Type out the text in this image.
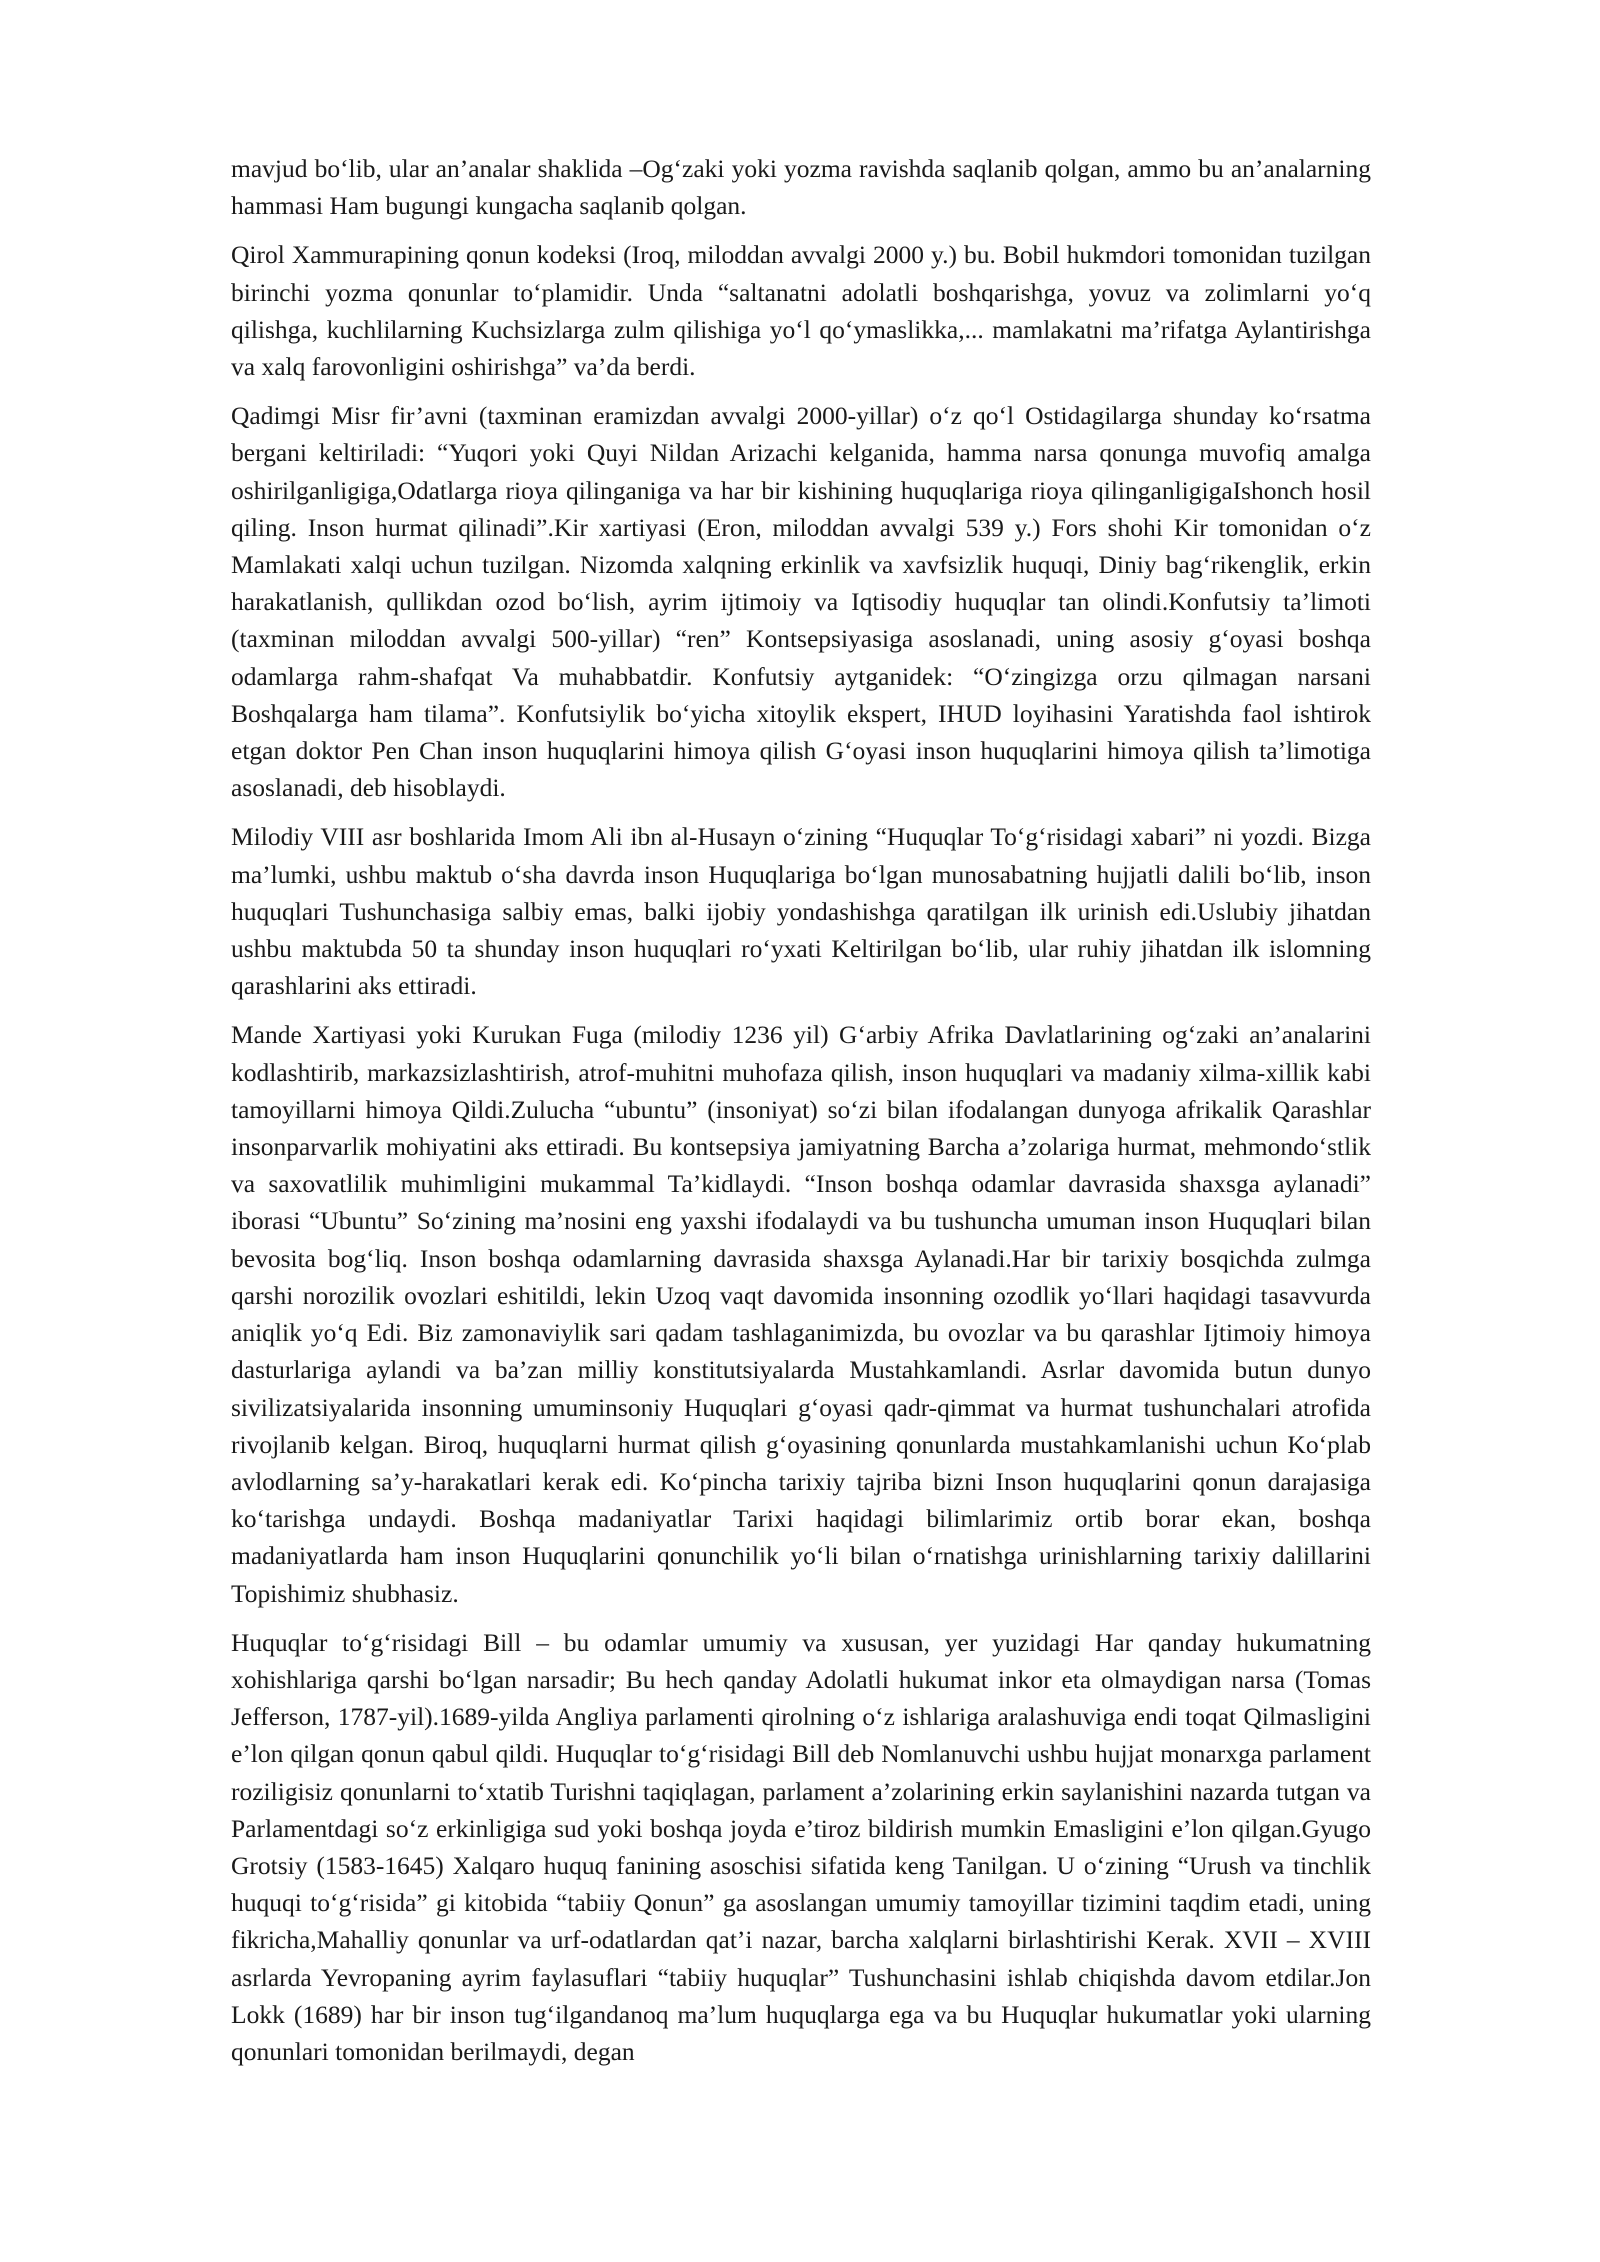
mavjud bo‘lib, ular an’analar shaklida –Og‘zaki yoki yozma ravishda saqlanib qolgan, ammo bu an’analarning hammasi Ham bugungi kungacha saqlanib qolgan.

Qirol Xammurapining qonun kodeksi (Iroq, miloddan avvalgi 2000 y.) bu. Bobil hukmdori tomonidan tuzilgan birinchi yozma qonunlar to‘plamidir. Unda “saltanatni adolatli boshqarishga, yovuz va zolimlarni yo‘q qilishga, kuchlilarning Kuchsizlarga zulm qilishiga yo‘l qo‘ymaslikka,... mamlakatni ma’rifatga Aylantirishga va xalq farovonligini oshirishga” va’da berdi.

Qadimgi Misr fir’avni (taxminan eramizdan avvalgi 2000-yillar) o‘z qo‘l Ostidagilarga shunday ko‘rsatma bergani keltiriladi: “Yuqori yoki Quyi Nildan Arizachi kelganida, hamma narsa qonunga muvofiq amalga oshirilganligiga,Odatlarga rioya qilinganiga va har bir kishining huquqlariga rioya qilinganligigaIshonch hosil qiling. Inson hurmat qilinadi”.Kir xartiyasi (Eron, miloddan avvalgi 539 y.) Fors shohi Kir tomonidan o‘z Mamlakati xalqi uchun tuzilgan. Nizomda xalqning erkinlik va xavfsizlik huquqi, Diniy bag‘rikenglik, erkin harakatlanish, qullikdan ozod bo‘lish, ayrim ijtimoiy va Iqtisodiy huquqlar tan olindi.Konfutsiy ta’limoti (taxminan miloddan avvalgi 500-yillar) “ren” Kontsepsiyasiga asoslanadi, uning asosiy g‘oyasi boshqa odamlarga rahm-shafqat Va muhabbatdir. Konfutsiy aytganidek: “O‘zingizga orzu qilmagan narsani Boshqalarga ham tilama”. Konfutsiylik bo‘yicha xitoylik ekspert, IHUD loyihasini Yaratishda faol ishtirok etgan doktor Pen Chan inson huquqlarini himoya qilish G‘oyasi inson huquqlarini himoya qilish ta’limotiga asoslanadi, deb hisoblaydi.

Milodiy VIII asr boshlarida Imom Ali ibn al-Husayn o‘zining “Huquqlar To‘g‘risidagi xabari” ni yozdi. Bizga ma’lumki, ushbu maktub o‘sha davrda inson Huquqlariga bo‘lgan munosabatning hujjatli dalili bo‘lib, inson huquqlari Tushunchasiga salbiy emas, balki ijobiy yondashishga qaratilgan ilk urinish edi.Uslubiy jihatdan ushbu maktubda 50 ta shunday inson huquqlari ro‘yxati Keltirilgan bo‘lib, ular ruhiy jihatdan ilk islomning qarashlarini aks ettiradi.

Mande Xartiyasi yoki Kurukan Fuga (milodiy 1236 yil) G‘arbiy Afrika Davlatlarining og‘zaki an’analarini kodlashtirib, markazsizlashtirish, atrof-muhitni muhofaza qilish, inson huquqlari va madaniy xilma-xillik kabi tamoyillarni himoya Qildi.Zulucha “ubuntu” (insoniyat) so‘zi bilan ifodalangan dunyoga afrikalik Qarashlar insonparvarlik mohiyatini aks ettiradi. Bu kontsepsiya jamiyatning Barcha a’zolariga hurmat, mehmondo‘stlik va saxovatlilik muhimligini mukammal Ta’kidlaydi. “Inson boshqa odamlar davrasida shaxsga aylanadi” iborasi “Ubuntu” So‘zining ma’nosini eng yaxshi ifodalaydi va bu tushuncha umuman inson Huquqlari bilan bevosita bog‘liq. Inson boshqa odamlarning davrasida shaxsga Aylanadi.Har bir tarixiy bosqichda zulmga qarshi norozilik ovozlari eshitildi, lekin Uzoq vaqt davomida insonning ozodlik yo‘llari haqidagi tasavvurda aniqlik yo‘q Edi. Biz zamonaviylik sari qadam tashlaganimizda, bu ovozlar va bu qarashlar Ijtimoiy himoya dasturlariga aylandi va ba’zan milliy konstitutsiyalarda Mustahkamlandi. Asrlar davomida butun dunyo sivilizatsiyalarida insonning umuminsoniy Huquqlari g‘oyasi qadr-qimmat va hurmat tushunchalari atrofida rivojlanib kelgan. Biroq, huquqlarni hurmat qilish g‘oyasining qonunlarda mustahkamlanishi uchun Ko‘plab avlodlarning sa’y-harakatlari kerak edi. Ko‘pincha tarixiy tajriba bizni Inson huquqlarini qonun darajasiga ko‘tarishga undaydi. Boshqa madaniyatlar Tarixi haqidagi bilimlarimiz ortib borar ekan, boshqa madaniyatlarda ham inson Huquqlarini qonunchilik yo‘li bilan o‘rnatishga urinishlarning tarixiy dalillarini Topishimiz shubhasiz.

Huquqlar to‘g‘risidagi Bill – bu odamlar umumiy va xususan, yer yuzidagi Har qanday hukumatning xohishlariga qarshi bo‘lgan narsadir; Bu hech qanday Adolatli hukumat inkor eta olmaydigan narsa (Tomas Jefferson, 1787-yil).1689-yilda Angliya parlamenti qirolning o‘z ishlariga aralashuviga endi toqat Qilmasligini e’lon qilgan qonun qabul qildi. Huquqlar to‘g‘risidagi Bill deb Nomlanuvchi ushbu hujjat monarxga parlament roziligisiz qonunlarni to‘xtatib Turishni taqiqlagan, parlament a’zolarining erkin saylanishini nazarda tutgan va Parlamentdagi so‘z erkinligiga sud yoki boshqa joyda e’tiroz bildirish mumkin Emasligini e’lon qilgan.Gyugo Grotsiy (1583-1645) Xalqaro huquq fanining asoschisi sifatida keng Tanilgan. U o‘zining “Urush va tinchlik huquqi to‘g‘risida” gi kitobida “tabiiy Qonun” ga asoslangan umumiy tamoyillar tizimini taqdim etadi, uning fikricha,Mahalliy qonunlar va urf-odatlardan qat’i nazar, barcha xalqlarni birlashtirishi Kerak. XVII – XVIII asrlarda Yevropaning ayrim faylasuflari “tabiiy huquqlar” Tushunchasini ishlab chiqishda davom etdilar.Jon Lokk (1689) har bir inson tug‘ilgandanoq ma’lum huquqlarga ega va bu Huquqlar hukumatlar yoki ularning qonunlari tomonidan berilmaydi, degan
